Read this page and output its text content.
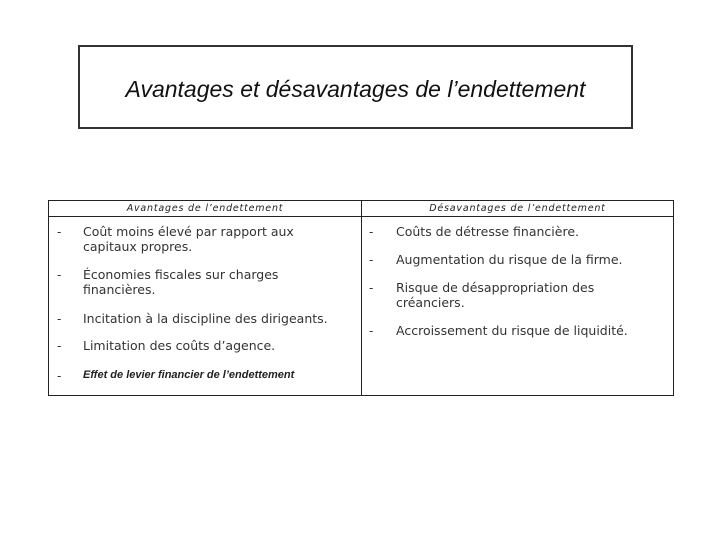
Avantages et désavantages de l’endettement
Avantages de l’endettement
- Coût moins élevé par rapport aux capitaux propres.
- Économies fiscales sur charges financières.
- Incitation à la discipline des dirigeants.
- Limitation des coûts d’agence.
- Effet de levier financier de l’endettement
Désavantages de l’endettement
- Coûts de détresse financière.
- Augmentation du risque de la firme.
- Risque de désappropriation des créanciers.
- Accroissement du risque de liquidité.
